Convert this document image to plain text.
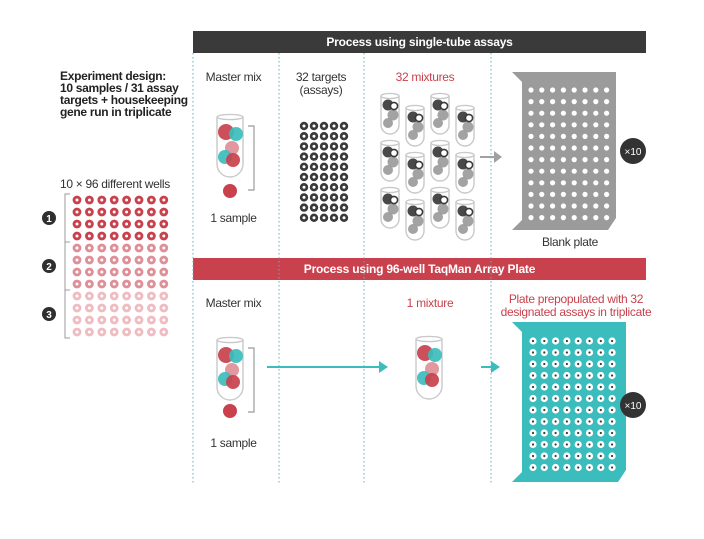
Process using single-tube assays
Process using 96-well TaqMan Array Plate
Experiment design:
10 samples / 31 assay
targets + housekeeping
gene run in triplicate
10 × 96 different wells
Master mix	32 targets
(assays)
32 mixtures
1 sample
Blank plate
Master mix	1 mixture	Plate prepopulated with 32
designated assays in triplicate
1 sample
1
2
3
×10
×10
